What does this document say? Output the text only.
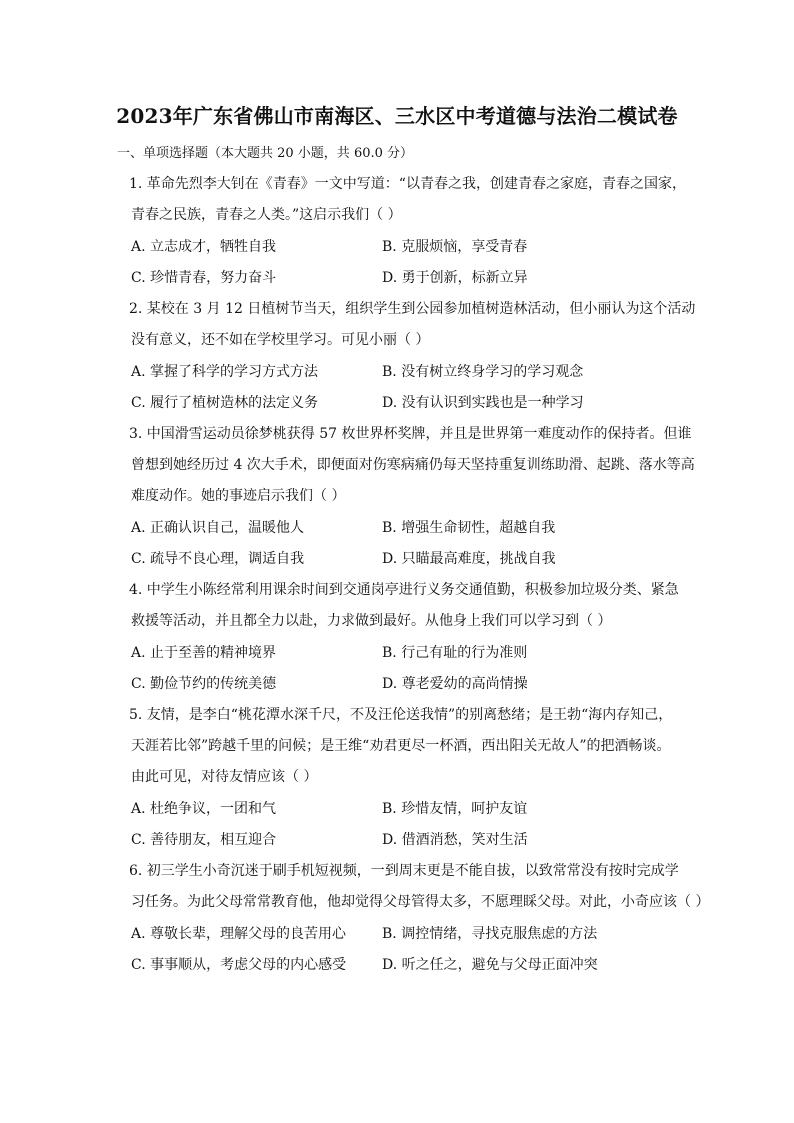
2023年广东省佛山市南海区、三水区中考道德与法治二模试卷
一、单项选择题（本大题共 20 小题，共 60.0 分）
1. 革命先烈李大钊在《青春》一文中写道：“以青春之我，创建青春之家庭，青春之国家，
青春之民族，青春之人类。”这启示我们（ ）
A. 立志成才，牺牲自我	B. 克服烦恼，享受青春
C. 珍惜青春，努力奋斗	D. 勇于创新，标新立异
2. 某校在 3 月 12 日植树节当天，组织学生到公园参加植树造林活动，但小丽认为这个活动
没有意义，还不如在学校里学习。可见小丽（ ）
A. 掌握了科学的学习方式方法	B. 没有树立终身学习的学习观念
C. 履行了植树造林的法定义务	D. 没有认识到实践也是一种学习
3. 中国滑雪运动员徐梦桃获得 57 枚世界杯奖牌，并且是世界第一难度动作的保持者。但谁
曾想到她经历过 4 次大手术，即便面对伤寒病痛仍每天坚持重复训练助滑、起跳、落水等高
难度动作。她的事迹启示我们（ ）
A. 正确认识自己，温暖他人	B. 增强生命韧性，超越自我
C. 疏导不良心理，调适自我	D. 只瞄最高难度，挑战自我
4. 中学生小陈经常利用课余时间到交通岗亭进行义务交通值勤，积极参加垃圾分类、紧急
救援等活动，并且都全力以赴，力求做到最好。从他身上我们可以学习到（ ）
A. 止于至善的精神境界	B. 行己有耻的行为准则
C. 勤俭节约的传统美德	D. 尊老爱幼的高尚情操
5. 友情，是李白“桃花潭水深千尺，不及汪伦送我情”的别离愁绪；是王勃“海内存知己，
天涯若比邻”跨越千里的问候；是王维“劝君更尽一杯酒，西出阳关无故人”的把酒畅谈。
由此可见，对待友情应该（ ）
A. 杜绝争议，一团和气	B. 珍惜友情，呵护友谊
C. 善待朋友，相互迎合	D. 借酒消愁，笑对生活
6. 初三学生小奇沉迷于刷手机短视频，一到周末更是不能自拔，以致常常没有按时完成学
习任务。为此父母常常教育他，他却觉得父母管得太多，不愿理睬父母。对此，小奇应该（ ）
A. 尊敬长辈，理解父母的良苦用心	B. 调控情绪，寻找克服焦虑的方法
C. 事事顺从，考虑父母的内心感受	D. 听之任之，避免与父母正面冲突
